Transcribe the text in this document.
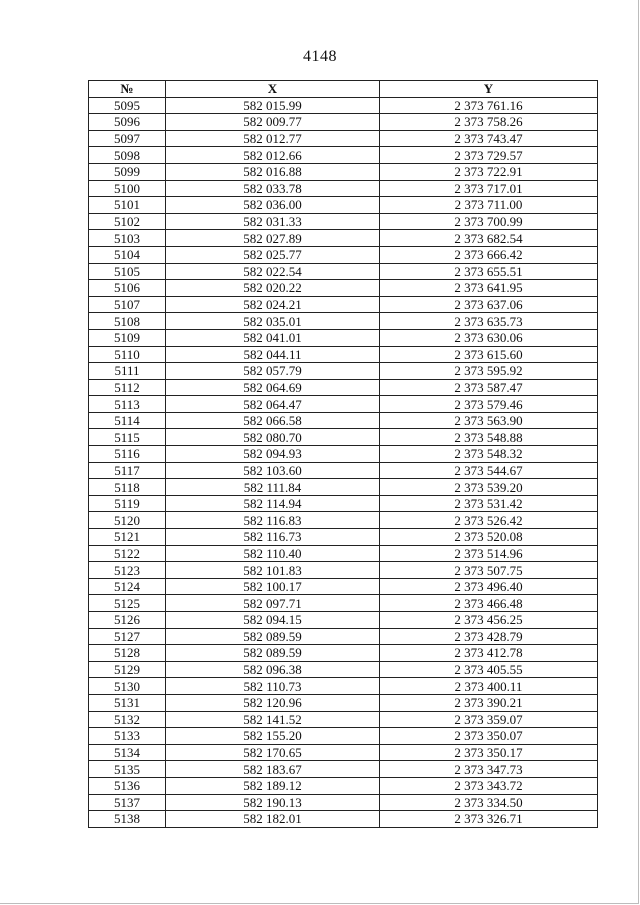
4148
№	X	Y
5095	582 015.99	2 373 761.16
5096	582 009.77	2 373 758.26
5097	582 012.77	2 373 743.47
5098	582 012.66	2 373 729.57
5099	582 016.88	2 373 722.91
5100	582 033.78	2 373 717.01
5101	582 036.00	2 373 711.00
5102	582 031.33	2 373 700.99
5103	582 027.89	2 373 682.54
5104	582 025.77	2 373 666.42
5105	582 022.54	2 373 655.51
5106	582 020.22	2 373 641.95
5107	582 024.21	2 373 637.06
5108	582 035.01	2 373 635.73
5109	582 041.01	2 373 630.06
5110	582 044.11	2 373 615.60
5111	582 057.79	2 373 595.92
5112	582 064.69	2 373 587.47
5113	582 064.47	2 373 579.46
5114	582 066.58	2 373 563.90
5115	582 080.70	2 373 548.88
5116	582 094.93	2 373 548.32
5117	582 103.60	2 373 544.67
5118	582 111.84	2 373 539.20
5119	582 114.94	2 373 531.42
5120	582 116.83	2 373 526.42
5121	582 116.73	2 373 520.08
5122	582 110.40	2 373 514.96
5123	582 101.83	2 373 507.75
5124	582 100.17	2 373 496.40
5125	582 097.71	2 373 466.48
5126	582 094.15	2 373 456.25
5127	582 089.59	2 373 428.79
5128	582 089.59	2 373 412.78
5129	582 096.38	2 373 405.55
5130	582 110.73	2 373 400.11
5131	582 120.96	2 373 390.21
5132	582 141.52	2 373 359.07
5133	582 155.20	2 373 350.07
5134	582 170.65	2 373 350.17
5135	582 183.67	2 373 347.73
5136	582 189.12	2 373 343.72
5137	582 190.13	2 373 334.50
5138	582 182.01	2 373 326.71
